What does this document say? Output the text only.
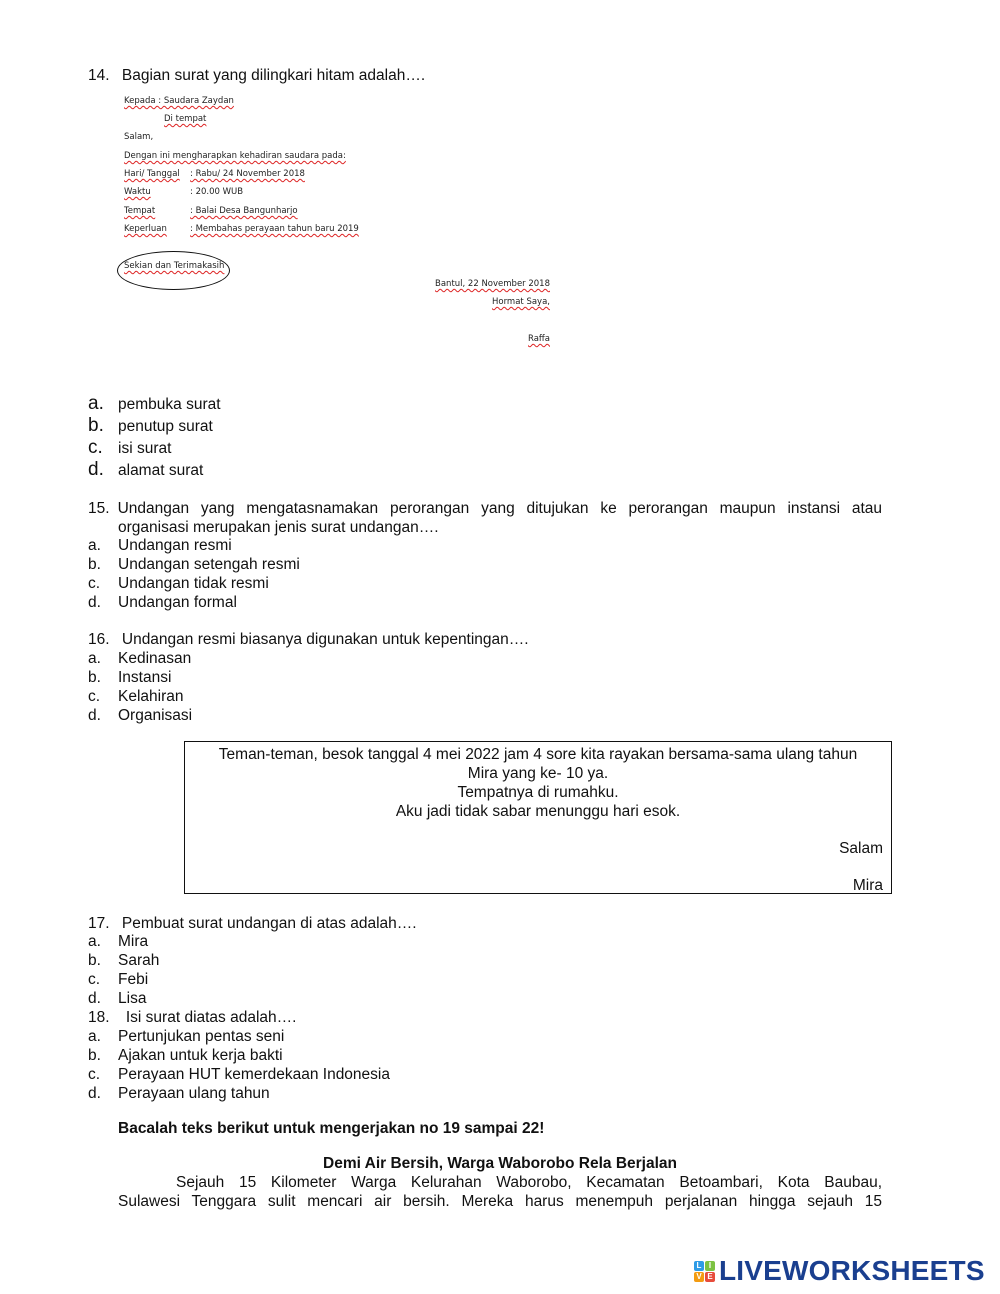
14. Bagian surat yang dilingkari hitam adalah….
Kepada : Saudara Zaydan
Di tempat
Salam,
Dengan ini mengharapkan kehadiran saudara pada:
Hari/ Tanggal : Rabu/ 24 November 2018
Waktu	: 20.00 WUB
Tempat	: Balai Desa Bangunharjo
Keperluan	: Membahas perayaan tahun baru 2019
Sekian dan Terimakasih
Bantul, 22 November 2018
Hormat Saya,
Raffa
a. pembuka surat
b. penutup surat
c. isi surat
d. alamat surat
15. Undangan yang mengatasnamakan perorangan yang ditujukan ke perorangan maupun instansi atau
organisasi merupakan jenis surat undangan….
a. Undangan resmi
b. Undangan setengah resmi
c. Undangan tidak resmi
d. Undangan formal
16. Undangan resmi biasanya digunakan untuk kepentingan….
a. Kedinasan
b. Instansi
c. Kelahiran
d. Organisasi
Teman-teman, besok tanggal 4 mei 2022 jam 4 sore kita rayakan bersama-sama ulang tahun
Mira yang ke- 10 ya.
Tempatnya di rumahku.
Aku jadi tidak sabar menunggu hari esok.
Salam
Mira
17. Pembuat surat undangan di atas adalah….
a. Mira
b. Sarah
c. Febi
d. Lisa
18. Isi surat diatas adalah….
a. Pertunjukan pentas seni
b. Ajakan untuk kerja bakti
c. Perayaan HUT kemerdekaan Indonesia
d. Perayaan ulang tahun
Bacalah teks berikut untuk mengerjakan no 19 sampai 22!
Demi Air Bersih, Warga Waborobo Rela Berjalan
Sejauh 15 Kilometer Warga Kelurahan Waborobo, Kecamatan Betoambari, Kota Baubau,
Sulawesi Tenggara sulit mencari air bersih. Mereka harus menempuh perjalanan hingga sejauh 15
L I
V E LIVEWORKSHEETS
